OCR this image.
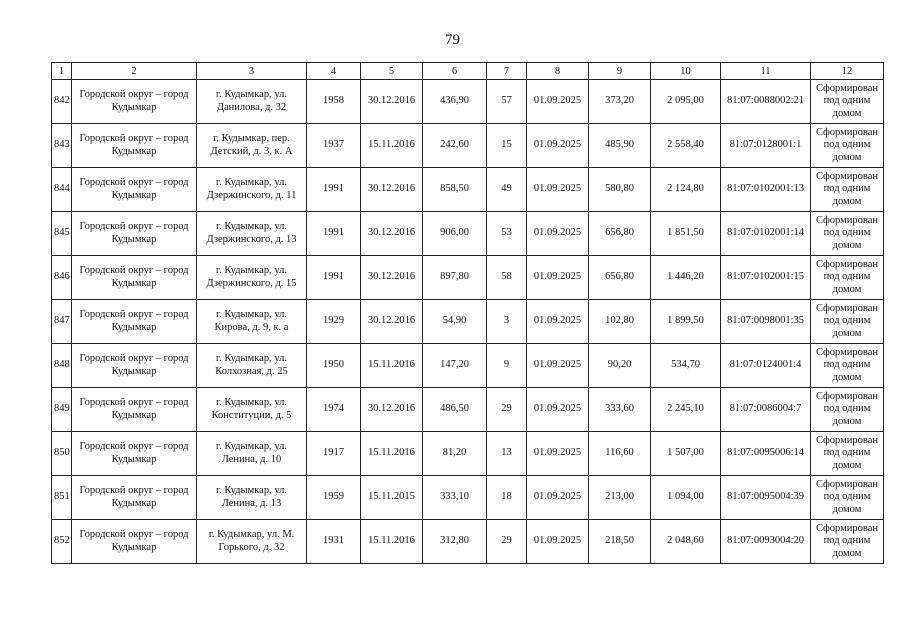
79
1	2	3	4	5	6	7	8	9	10	11	12
842	Городской округ – город Кудымкар	г. Кудымкар, ул. Данилова, д. 32	1958	30.12.2016	436,90	57	01.09.2025	373,20	2 095,00	81:07:0088002:21	Сформирован под одним домом
843	Городской округ – город Кудымкар	г. Кудымкар, пер. Детский, д. 3, к. А	1937	15.11.2016	242,60	15	01.09.2025	485,90	2 558,40	81:07:0128001:1	Сформирован под одним домом
844	Городской округ – город Кудымкар	г. Кудымкар, ул. Дзержинского, д. 11	1991	30.12.2016	858,50	49	01.09.2025	580,80	2 124,80	81:07:0102001:13	Сформирован под одним домом
845	Городской округ – город Кудымкар	г. Кудымкар, ул. Дзержинского, д. 13	1991	30.12.2016	906,00	53	01.09.2025	656,80	1 851,50	81:07:0102001:14	Сформирован под одним домом
846	Городской округ – город Кудымкар	г. Кудымкар, ул. Дзержинского, д. 15	1991	30.12.2016	897,80	58	01.09.2025	656,80	1 446,20	81:07:0102001:15	Сформирован под одним домом
847	Городской округ – город Кудымкар	г. Кудымкар, ул. Кирова, д. 9, к. а	1929	30.12.2016	54,90	3	01.09.2025	102,80	1 899,50	81:07:0098001:35	Сформирован под одним домом
848	Городской округ – город Кудымкар	г. Кудымкар, ул. Колхозная, д. 25	1950	15.11.2016	147,20	9	01.09.2025	90,20	534,70	81:07:0124001:4	Сформирован под одним домом
849	Городской округ – город Кудымкар	г. Кудымкар, ул. Конституции, д. 5	1974	30.12.2016	486,50	29	01.09.2025	333,60	2 245,10	81:07:0086004:7	Сформирован под одним домом
850	Городской округ – город Кудымкар	г. Кудымкар, ул. Ленина, д. 10	1917	15.11.2016	81,20	13	01.09.2025	116,60	1 507,00	81:07:0095006:14	Сформирован под одним домом
851	Городской округ – город Кудымкар	г. Кудымкар, ул. Ленина, д. 13	1959	15.11.2015	333,10	18	01.09.2025	213,00	1 094,00	81:07:0095004:39	Сформирован под одним домом
852	Городской округ – город Кудымкар	г. Кудымкар, ул. М. Горького, д. 32	1931	15.11.2016	312,80	29	01.09.2025	218,50	2 048,60	81:07:0093004:20	Сформирован под одним домом
